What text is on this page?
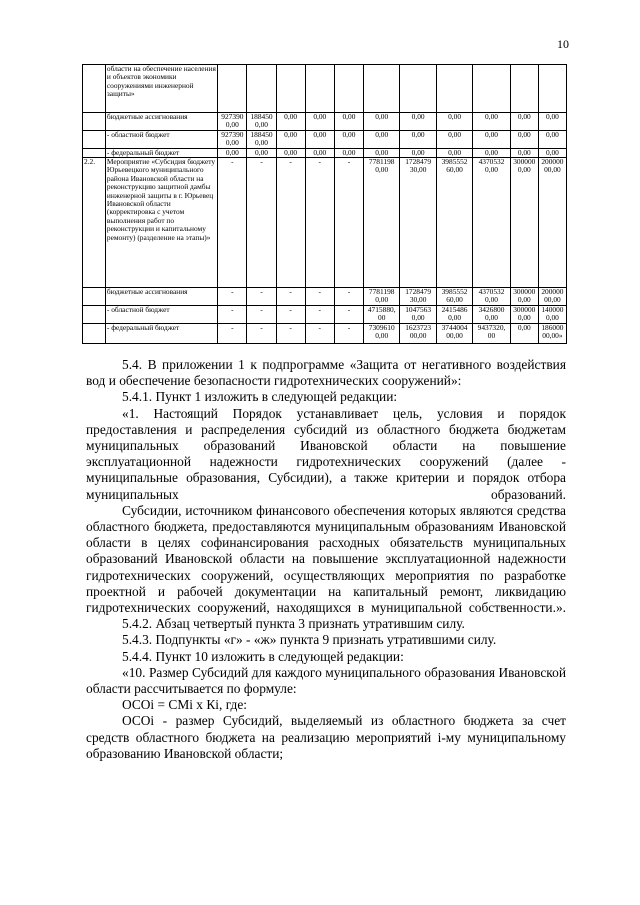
10
	области на обеспечение населения и объектов экономики сооружениями инженерной защиты»											
	бюджетные ассигнования	927390 0,00	188450 0,00	0,00	0,00	0,00	0,00	0,00	0,00	0,00	0,00	0,00
	- областной бюджет	927390 0,00	188450 0,00	0,00	0,00	0,00	0,00	0,00	0,00	0,00	0,00	0,00
	- федеральный бюджет	0,00	0,00	0,00	0,00	0,00	0,00	0,00	0,00	0,00	0,00	0,00
2.2.	Мероприятие «Субсидия бюджету Юрьевецкого муниципального района Ивановской области на реконструкцию защитной дамбы инженерной защиты в г. Юрьевец Ивановской области (корректировка с учетом выполнения работ по реконструкции и капитальному ремонту) (разделение на этапы)»	-	-	-	-	-	7781198 0,00	1728479 30,00	3985552 60,00	4370532 0,00	300000 0,00	200000 00,00
	бюджетные ассигнования	-	-	-	-	-	7781198 0,00	1728479 30,00	3985552 60,00	4370532 0,00	300000 0,00	200000 00,00
	- областной бюджет	-	-	-	-	-	4715880, 00	1047563 0,00	2415486 0,00	3426800 0,00	300000 0,00	140000 0,00
	- федеральный бюджет	-	-	-	-	-	7309610 0,00	1623723 00,00	3744004 00,00	9437320, 00	0,00	186000 00,00»

5.4. В приложении 1 к подпрограмме «Защита от негативного воздействия вод и обеспечение безопасности гидротехнических сооружений»:

5.4.1. Пункт 1 изложить в следующей редакции:

«1. Настоящий Порядок устанавливает цель, условия и порядок предоставления и распределения субсидий из областного бюджета бюджетам муниципальных образований Ивановской области на повышение эксплуатационной надежности гидротехнических сооружений (далее - муниципальные образования, Субсидии), а также критерии и порядок отбора муниципальных образований.

Субсидии, источником финансового обеспечения которых являются средства областного бюджета, предоставляются муниципальным образованиям Ивановской области в целях софинансирования расходных обязательств муниципальных образований Ивановской области на повышение эксплуатационной надежности гидротехнических сооружений, осуществляющих мероприятия по разработке проектной и рабочей документации на капитальный ремонт, ликвидацию гидротехнических сооружений, находящихся в муниципальной собственности.».

5.4.2. Абзац четвертый пункта 3 признать утратившим силу.

5.4.3. Подпункты «г» - «ж» пункта 9 признать утратившими силу.

5.4.4. Пункт 10 изложить в следующей редакции:

«10. Размер Субсидий для каждого муниципального образования Ивановской области рассчитывается по формуле:

ОСОi = СМi x Кi, где:

ОСОi - размер Субсидий, выделяемый из областного бюджета за счет средств областного бюджета на реализацию мероприятий i-му муниципальному образованию Ивановской области;
